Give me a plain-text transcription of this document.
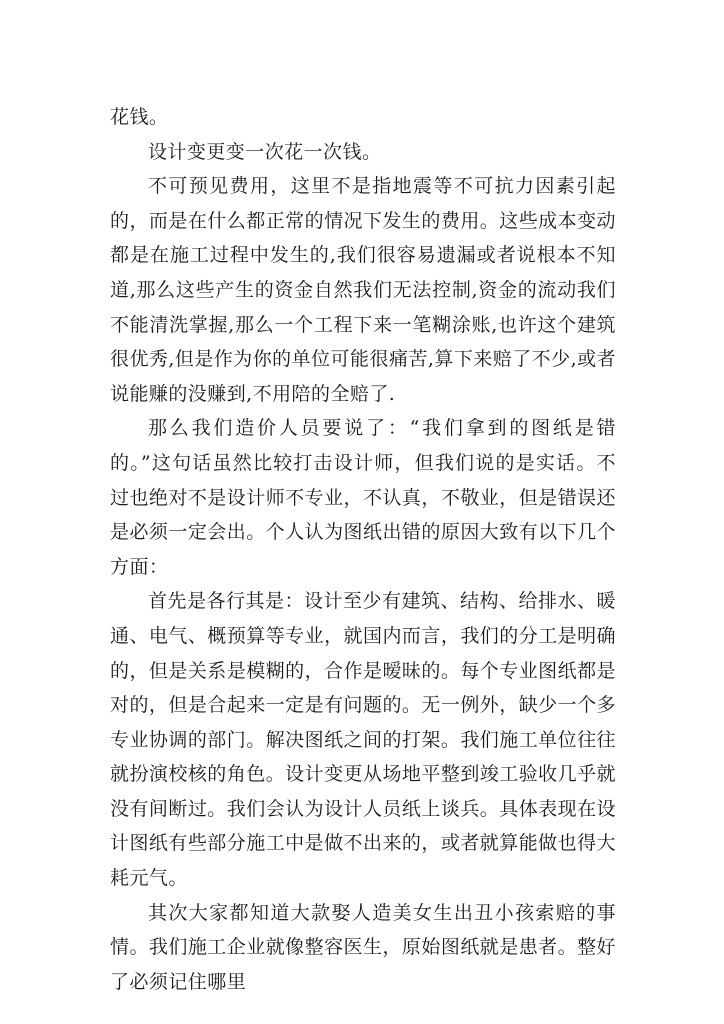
花钱。

设计变更变一次花一次钱。

不可预见费用，这里不是指地震等不可抗力因素引起的，而是在什么都正常的情况下发生的费用。这些成本变动都是在施工过程中发生的,我们很容易遗漏或者说根本不知道,那么这些产生的资金自然我们无法控制,资金的流动我们不能清洗掌握,那么一个工程下来一笔糊涂账,也许这个建筑很优秀,但是作为你的单位可能很痛苦,算下来赔了不少,或者说能赚的没赚到,不用陪的全赔了.

那么我们造价人员要说了：“我们拿到的图纸是错的。”这句话虽然比较打击设计师，但我们说的是实话。不过也绝对不是设计师不专业，不认真，不敬业，但是错误还是必须一定会出。个人认为图纸出错的原因大致有以下几个方面：

首先是各行其是：设计至少有建筑、结构、给排水、暖通、电气、概预算等专业，就国内而言，我们的分工是明确的，但是关系是模糊的，合作是暧昧的。每个专业图纸都是对的，但是合起来一定是有问题的。无一例外，缺少一个多专业协调的部门。解决图纸之间的打架。我们施工单位往往就扮演校核的角色。设计变更从场地平整到竣工验收几乎就没有间断过。我们会认为设计人员纸上谈兵。具体表现在设计图纸有些部分施工中是做不出来的，或者就算能做也得大耗元气。

其次大家都知道大款娶人造美女生出丑小孩索赔的事情。我们施工企业就像整容医生，原始图纸就是患者。整好了必须记住哪里
